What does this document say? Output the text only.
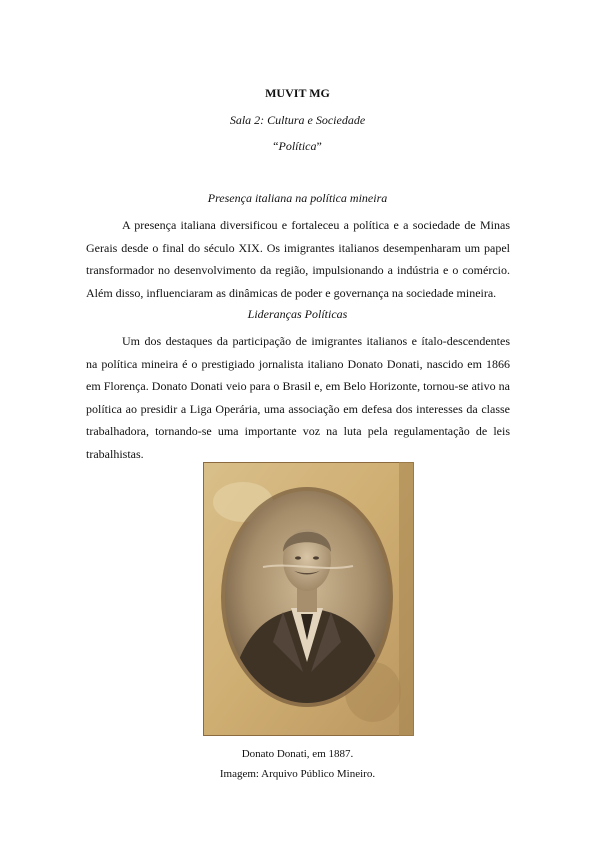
MUVIT MG
Sala 2: Cultura e Sociedade
“Política”
Presença italiana na política mineira

A presença italiana diversificou e fortaleceu a política e a sociedade de Minas Gerais desde o final do século XIX. Os imigrantes italianos desempenharam um papel transformador no desenvolvimento da região, impulsionando a indústria e o comércio. Além disso, influenciaram as dinâmicas de poder e governança na sociedade mineira.

Lideranças Políticas

Um dos destaques da participação de imigrantes italianos e ítalo-descendentes na política mineira é o prestigiado jornalista italiano Donato Donati, nascido em 1866 em Florença. Donato Donati veio para o Brasil e, em Belo Horizonte, tornou-se ativo na política ao presidir a Liga Operária, uma associação em defesa dos interesses da classe trabalhadora, tornando-se uma importante voz na luta pela regulamentação de leis trabalhistas.

Donato Donati, em 1887.
Imagem: Arquivo Público Mineiro.
